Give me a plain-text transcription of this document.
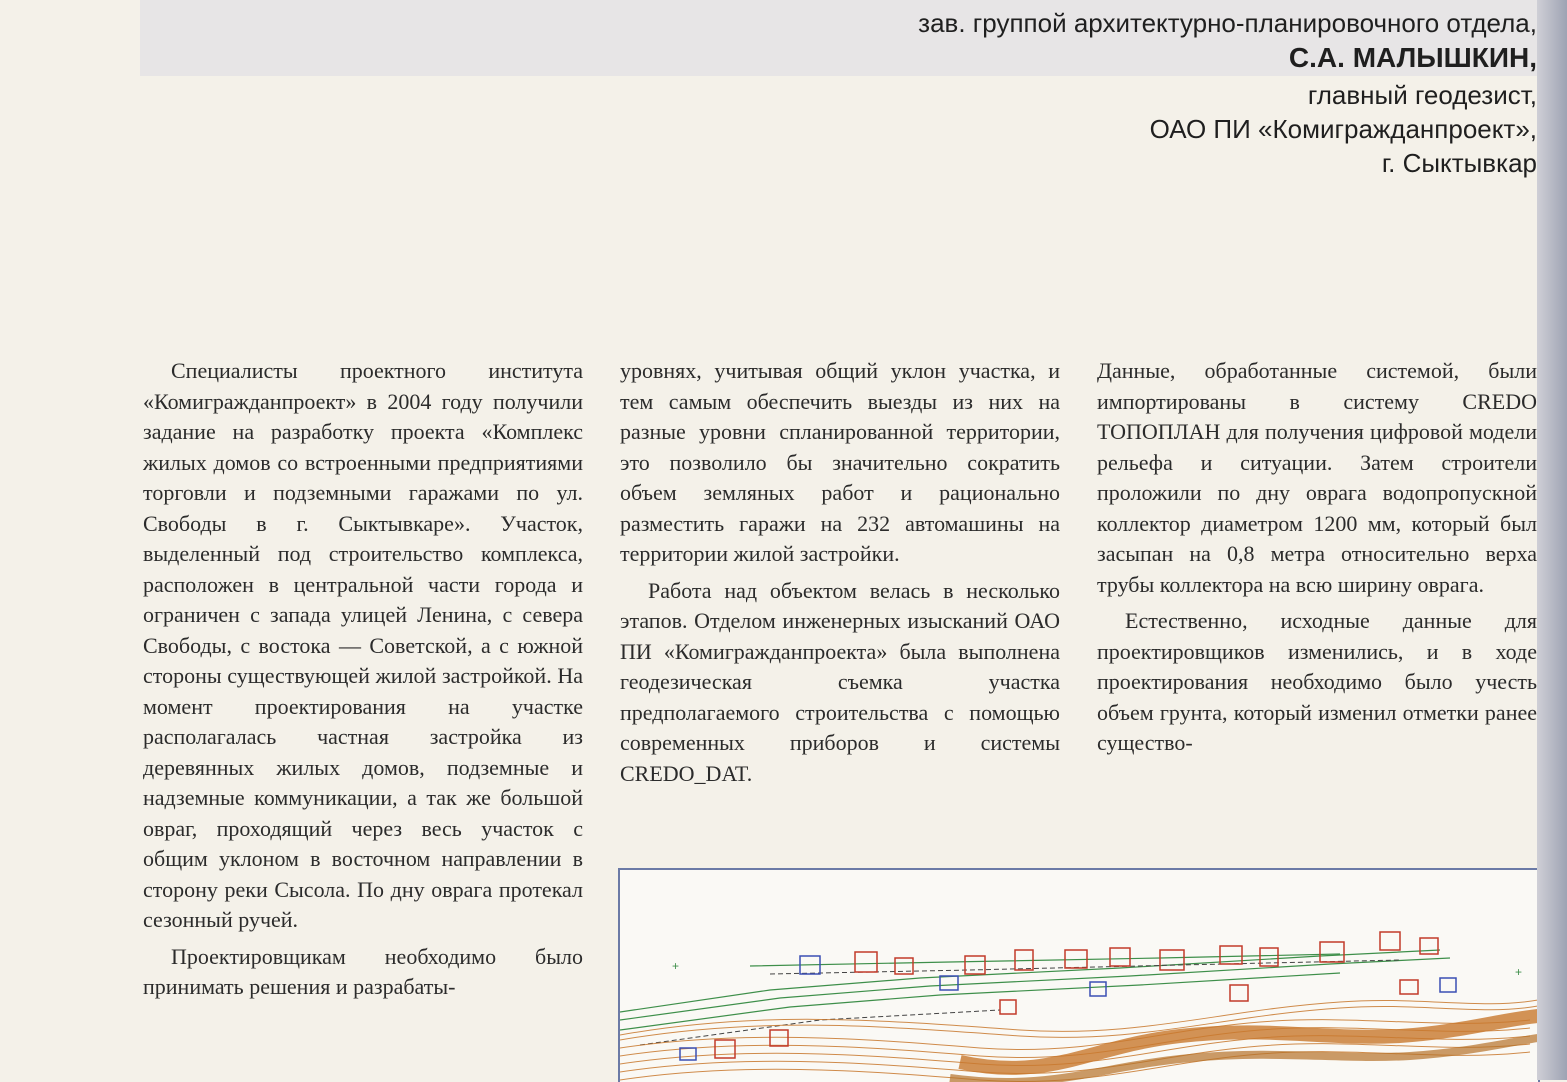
зав. группой архитектурно-планировочного отдела,
С.А. МАЛЫШКИН,
главный геодезист,
ОАО ПИ «Комигражданпроект»,
г. Сыктывкар

Специалисты проектного института «Комигражданпроект» в 2004 году получили задание на разработку проекта «Комплекс жилых домов со встроенными предприятиями торговли и подземными гаражами по ул. Свободы в г. Сыктывкаре». Участок, выделенный под строительство комплекса, расположен в центральной части города и ограничен с запада улицей Ленина, с севера Свободы, с востока — Советской, а с южной стороны существующей жилой застройкой. На момент проектирования на участке располагалась частная застройка из деревянных жилых домов, подземные и надземные коммуникации, а так же большой овраг, проходящий через весь участок с общим уклоном в восточном направлении в сторону реки Сысола. По дну оврага протекал сезонный ручей.

Проектировщикам необходимо было принимать решения и разрабаты-

уровнях, учитывая общий уклон участка, и тем самым обеспечить выезды из них на разные уровни спланированной территории, это позволило бы значительно сократить объем земляных работ и рационально разместить гаражи на 232 автомашины на территории жилой застройки.

Работа над объектом велась в несколько этапов. Отделом инженерных изысканий ОАО ПИ «Комигражданпроекта» была выполнена геодезическая съемка участка предполагаемого строительства с помощью современных приборов и системы CREDO_DAT.

Данные, обработанные системой, были импортированы в систему CREDO ТОПОПЛАН для получения цифровой модели рельефа и ситуации. Затем строители проложили по дну оврага водопропускной коллектор диаметром 1200 мм, который был засыпан на 0,8 метра относительно верха трубы коллектора на всю ширину оврага.

Естественно, исходные данные для проектировщиков изменились, и в ходе проектирования необходимо было учесть объем грунта, который изменил отметки ранее существо-

+	+
